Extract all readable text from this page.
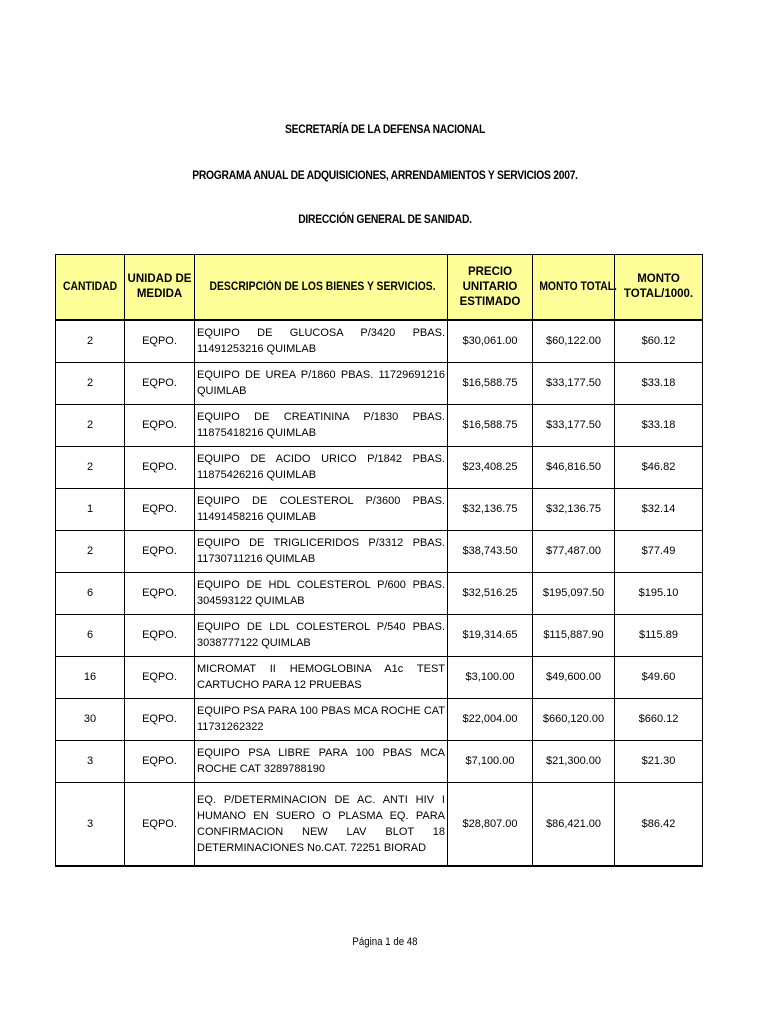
SECRETARÍA DE LA DEFENSA NACIONAL
PROGRAMA ANUAL DE ADQUISICIONES, ARRENDAMIENTOS Y SERVICIOS 2007.
DIRECCIÓN GENERAL DE SANIDAD.
CANTIDAD	UNIDAD DE MEDIDA	DESCRIPCIÓN DE LOS BIENES Y SERVICIOS.	PRECIO UNITARIO ESTIMADO	MONTO TOTAL.	MONTO TOTAL/1000.
2	EQPO.	EQUIPO DE GLUCOSA P/3420 PBAS. 11491253216 QUIMLAB	$30,061.00	$60,122.00	$60.12
2	EQPO.	EQUIPO DE UREA P/1860 PBAS. 11729691216 QUIMLAB	$16,588.75	$33,177.50	$33.18
2	EQPO.	EQUIPO DE CREATININA P/1830 PBAS. 11875418216 QUIMLAB	$16,588.75	$33,177.50	$33.18
2	EQPO.	EQUIPO DE ACIDO URICO P/1842 PBAS. 11875426216 QUIMLAB	$23,408.25	$46,816.50	$46.82
1	EQPO.	EQUIPO DE COLESTEROL P/3600 PBAS. 11491458216 QUIMLAB	$32,136.75	$32,136.75	$32.14
2	EQPO.	EQUIPO DE TRIGLICERIDOS P/3312 PBAS. 11730711216 QUIMLAB	$38,743.50	$77,487.00	$77.49
6	EQPO.	EQUIPO DE HDL COLESTEROL P/600 PBAS. 304593122 QUIMLAB	$32,516.25	$195,097.50	$195.10
6	EQPO.	EQUIPO DE LDL COLESTEROL P/540 PBAS. 3038777122 QUIMLAB	$19,314.65	$115,887.90	$115.89
16	EQPO.	MICROMAT II HEMOGLOBINA A1c TEST CARTUCHO PARA 12 PRUEBAS	$3,100.00	$49,600.00	$49.60
30	EQPO.	EQUIPO PSA PARA 100 PBAS MCA ROCHE CAT 11731262322	$22,004.00	$660,120.00	$660.12
3	EQPO.	EQUIPO PSA LIBRE PARA 100 PBAS MCA ROCHE CAT 3289788190	$7,100.00	$21,300.00	$21.30
3	EQPO.	EQ. P/DETERMINACION DE AC. ANTI HIV I HUMANO EN SUERO O PLASMA EQ. PARA CONFIRMACION NEW LAV BLOT 18 DETERMINACIONES No.CAT. 72251 BIORAD	$28,807.00	$86,421.00	$86.42
Página 1 de 48
